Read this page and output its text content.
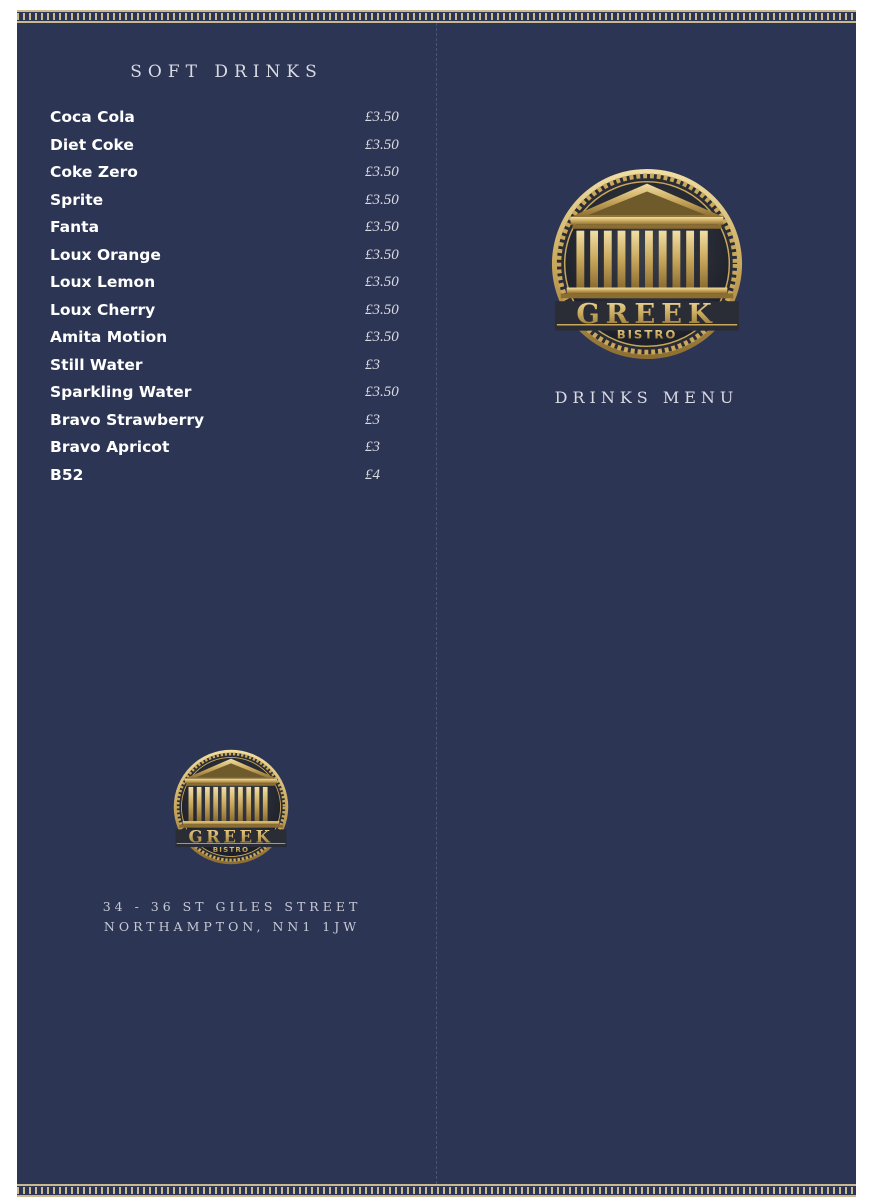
SOFT DRINKS
Coca Cola	£3.50
Diet Coke	£3.50
Coke Zero	£3.50
Sprite	£3.50
Fanta	£3.50
Loux Orange	£3.50
Loux Lemon	£3.50
Loux Cherry	£3.50
Amita Motion	£3.50
Still Water	£3
Sparkling Water	£3.50
Bravo Strawberry	£3
Bravo Apricot	£3
B52	£4
GREEK
BISTRO
DRINKS MENU
GREEK
BISTRO
34 - 36 ST GILES STREET
NORTHAMPTON, NN1 1JW
